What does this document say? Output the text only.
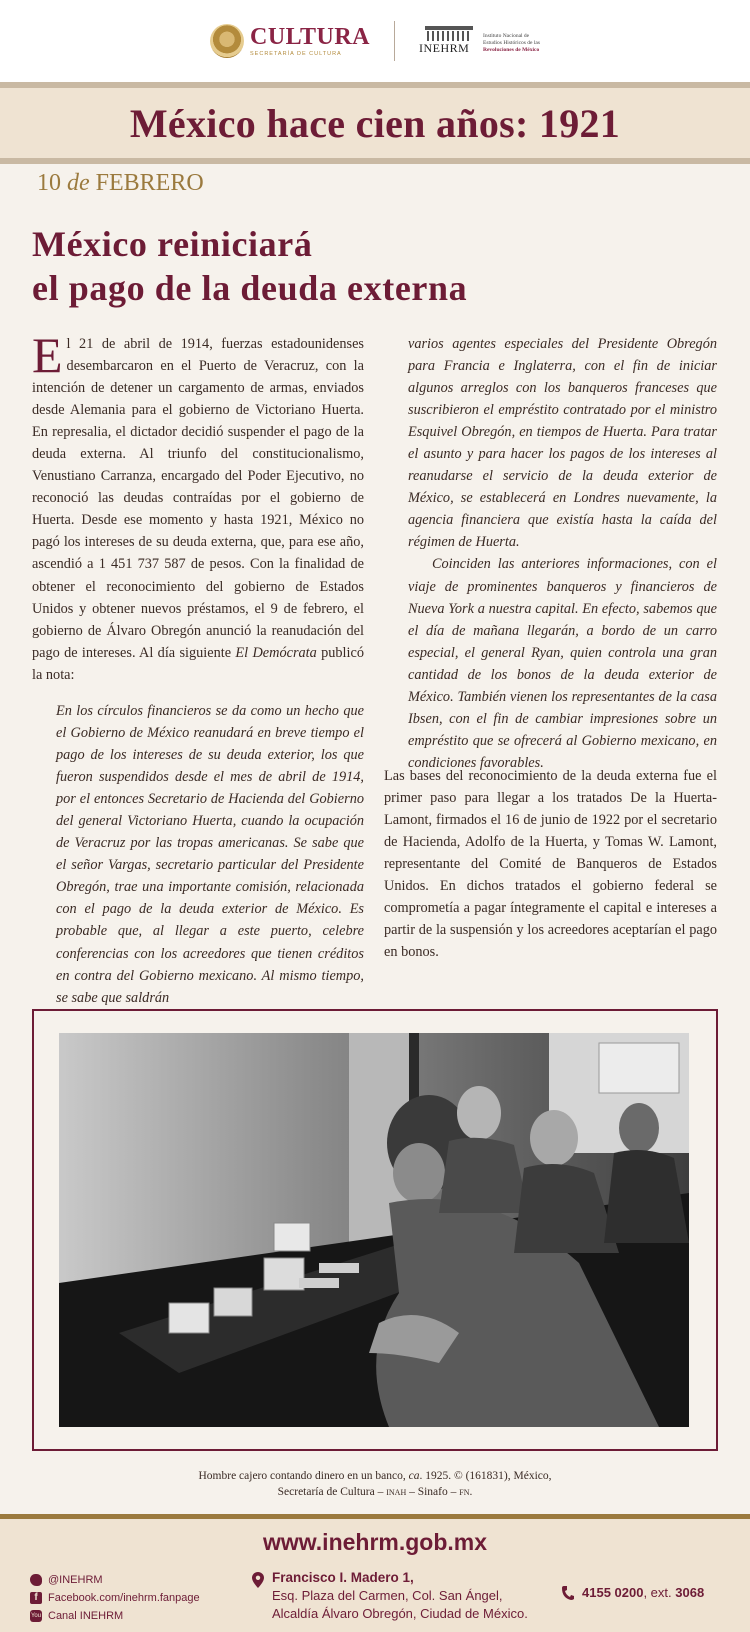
CULTURA
SECRETARÍA DE CULTURA	INEHRM
Instituto Nacional de
Estudios Históricos de las
Revoluciones de México
México hace cien años: 1921
10 de FEBRERO
México reiniciará
el pago de la deuda externa
El 21 de abril de 1914, fuerzas estadounidenses desembarcaron en el Puerto de Veracruz, con la intención de detener un cargamento de armas, enviados desde Alemania para el gobierno de Victoriano Huerta. En represalia, el dictador decidió suspender el pago de la deuda externa. Al triunfo del constitucionalismo, Venustiano Carranza, encargado del Poder Ejecutivo, no reconoció las deudas contraídas por el gobierno de Huerta. Desde ese momento y hasta 1921, México no pagó los intereses de su deuda externa, que, para ese año, ascendió a 1 451 737 587 de pesos. Con la finalidad de obtener el reconocimiento del gobierno de Estados Unidos y obtener nuevos préstamos, el 9 de febrero, el gobierno de Álvaro Obregón anunció la reanudación del pago de intereses. Al día siguiente El Demócrata publicó la nota:

En los círculos financieros se da como un hecho que el Gobierno de México reanudará en breve tiempo el pago de los intereses de su deuda exterior, los que fueron suspendidos desde el mes de abril de 1914, por el entonces Secretario de Hacienda del Gobierno del general Victoriano Huerta, cuando la ocupación de Veracruz por las tropas americanas. Se sabe que el señor Vargas, secretario particular del Presidente Obregón, trae una importante comisión, relacionada con el pago de la deuda exterior de México. Es probable que, al llegar a este puerto, celebre conferencias con los acreedores que tienen créditos en contra del Gobierno mexicano. Al mismo tiempo, se sabe que saldrán

varios agentes especiales del Presidente Obregón para Francia e Inglaterra, con el fin de iniciar algunos arreglos con los banqueros franceses que suscribieron el empréstito contratado por el ministro Esquivel Obregón, en tiempos de Huerta. Para tratar el asunto y para hacer los pagos de los intereses al reanudarse el servicio de la deuda exterior de México, se establecerá en Londres nuevamente, la agencia financiera que existía hasta la caída del régimen de Huerta.

Coinciden las anteriores informaciones, con el viaje de prominentes banqueros y financieros de Nueva York a nuestra capital. En efecto, sabemos que el día de mañana llegarán, a bordo de un carro especial, el general Ryan, quien controla una gran cantidad de los bonos de la deuda exterior de México. También vienen los representantes de la casa Ibsen, con el fin de cambiar impresiones sobre un empréstito que se ofrecerá al Gobierno mexicano, en condiciones favorables.

Las bases del reconocimiento de la deuda externa fue el primer paso para llegar a los tratados De la Huerta-Lamont, firmados el 16 de junio de 1922 por el secretario de Hacienda, Adolfo de la Huerta, y Tomas W. Lamont, representante del Comité de Banqueros de Estados Unidos. En dichos tratados el gobierno federal se comprometía a pagar íntegramente el capital e intereses a partir de la suspensión y los acreedores aceptarían el pago en bonos.

Hombre cajero contando dinero en un banco, ca. 1925. © (161831), México,
Secretaría de Cultura – inah – Sinafo – fn.
www.inehrm.gob.mx
@INEHRM
f Facebook.com/inehrm.fanpage
You Canal INEHRM
Francisco I. Madero 1,
Esq. Plaza del Carmen, Col. San Ángel,
Alcaldía Álvaro Obregón, Ciudad de México.
4155 0200, ext. 3068
